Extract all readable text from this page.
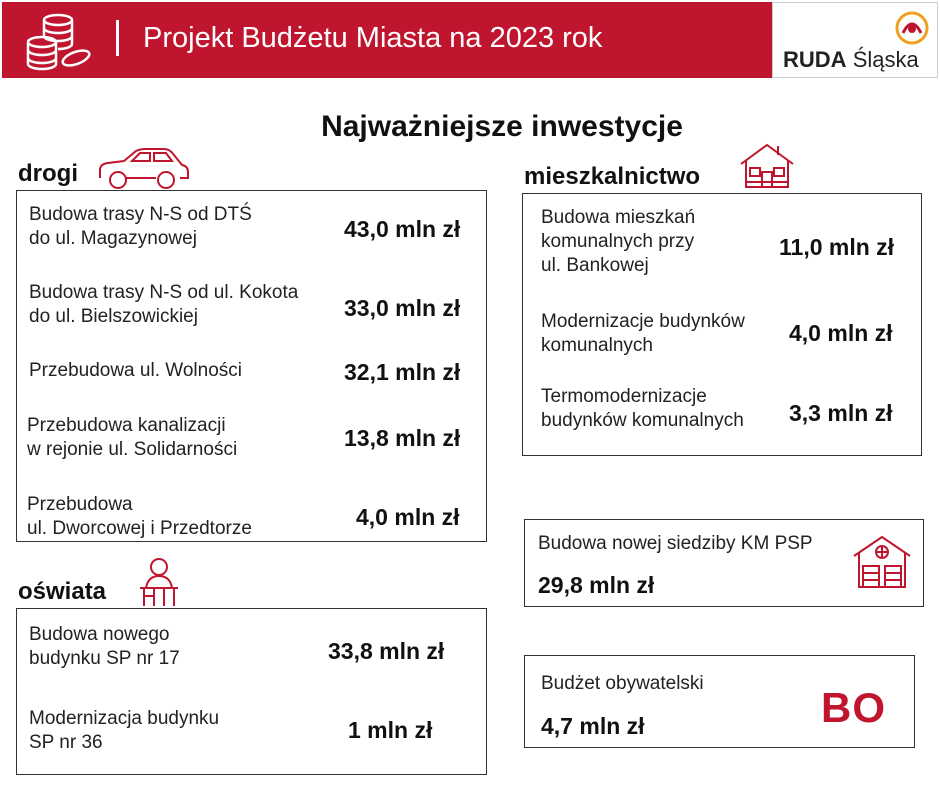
Projekt Budżetu Miasta na 2023 rok
RUDA Śląska
Najważniejsze inwestycje
drogi
Budowa trasy N-S od DTŚ
do ul. Magazynowej	43,0 mln zł
Budowa trasy N-S od ul. Kokota
do ul. Bielszowickiej	33,0 mln zł
Przebudowa ul. Wolności	32,1 mln zł
Przebudowa kanalizacji
w rejonie ul. Solidarności	13,8 mln zł
Przebudowa
ul. Dworcowej i Przedtorze	4,0 mln zł
oświata
Budowa nowego
budynku SP nr 17	33,8 mln zł
Modernizacja budynku
SP nr 36	1 mln zł
mieszkalnictwo
Budowa mieszkań
komunalnych przy
ul. Bankowej
11,0 mln zł
Modernizacje budynków
komunalnych	4,0 mln zł
Termomodernizacje
budynków komunalnych 3,3 mln zł
Budowa nowej siedziby KM PSP
29,8 mln zł
Budżet obywatelski
4,7 mln zł	BO
